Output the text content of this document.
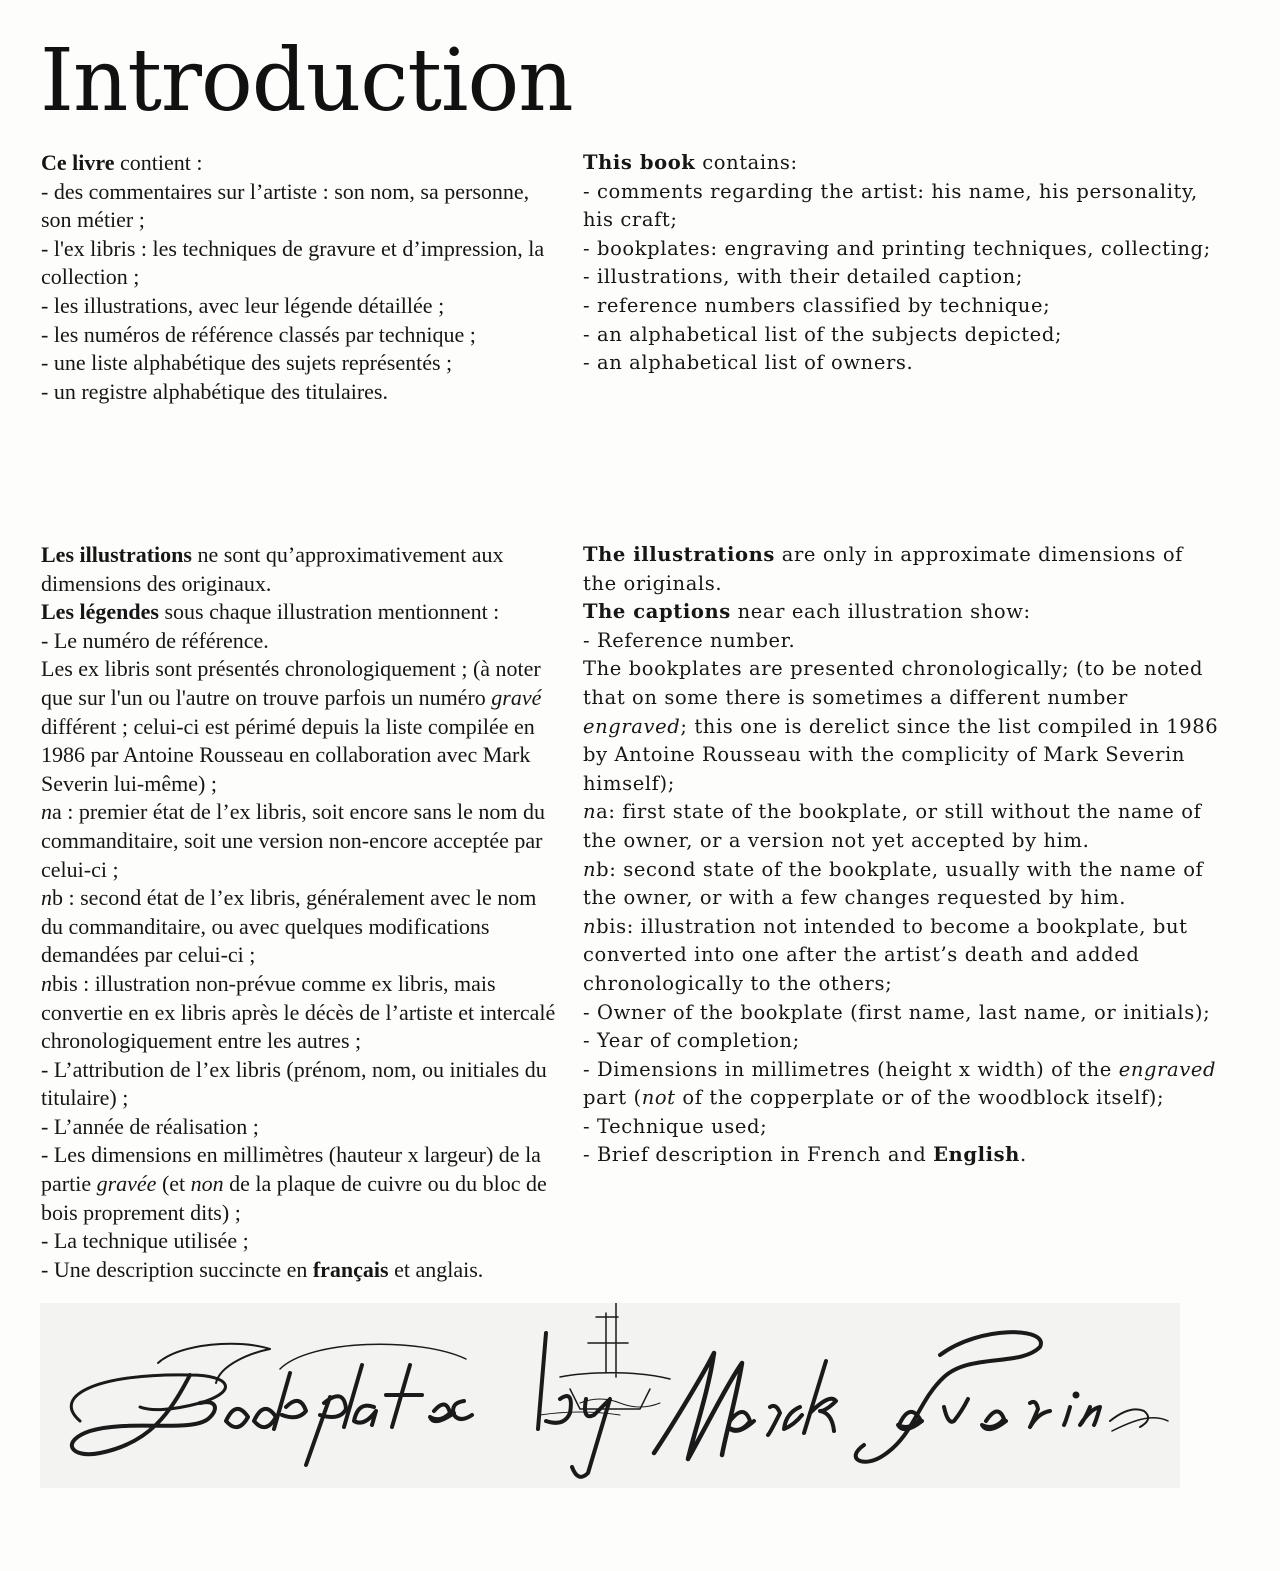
Introduction
Ce livre contient :
- des commentaires sur l’artiste : son nom, sa personne, son métier ;
- l'ex libris : les techniques de gravure et d’impression, la collection ;
- les illustrations, avec leur légende détaillée ;
- les numéros de référence classés par technique ;
- une liste alphabétique des sujets représentés ;
- un registre alphabétique des titulaires.
This book contains:
- comments regarding the artist: his name, his personality, his craft;
- bookplates: engraving and printing techniques, collecting;
- illustrations, with their detailed caption;
- reference numbers classified by technique;
- an alphabetical list of the subjects depicted;
- an alphabetical list of owners.
Les illustrations ne sont qu’approximativement aux dimensions des originaux.
Les légendes sous chaque illustration mentionnent :
- Le numéro de référence.
Les ex libris sont présentés chronologiquement ; (à noter que sur l'un ou l'autre on trouve parfois un numéro gravé différent ; celui-ci est périmé depuis la liste compilée en 1986 par Antoine Rousseau en collaboration avec Mark Severin lui-même) ;
na : premier état de l’ex libris, soit encore sans le nom du commanditaire, soit une version non-encore acceptée par celui-ci ;
nb : second état de l’ex libris, généralement avec le nom du commanditaire, ou avec quelques modifications demandées par celui-ci ;
nbis : illustration non-prévue comme ex libris, mais convertie en ex libris après le décès de l’artiste et intercalé chronologiquement entre les autres ;
- L’attribution de l’ex libris (prénom, nom, ou initiales du titulaire) ;
- L’année de réalisation ;
- Les dimensions en millimètres (hauteur x largeur) de la partie gravée (et non de la plaque de cuivre ou du bloc de bois proprement dits) ;
- La technique utilisée ;
- Une description succincte en français et anglais.
The illustrations are only in approximate dimensions of the originals.
The captions near each illustration show:
- Reference number.
The bookplates are presented chronologically; (to be noted that on some there is sometimes a different number engraved; this one is derelict since the list compiled in 1986 by Antoine Rousseau with the complicity of Mark Severin himself);
na: first state of the bookplate, or still without the name of the owner, or a version not yet accepted by him.
nb: second state of the bookplate, usually with the name of the owner, or with a few changes requested by him.
nbis: illustration not intended to become a bookplate, but converted into one after the artist’s death and added chronologically to the others;
- Owner of the bookplate (first name, last name, or initials);
- Year of completion;
- Dimensions in millimetres (height x width) of the engraved part (not of the copperplate or of the woodblock itself);
- Technique used;
- Brief description in French and English.
